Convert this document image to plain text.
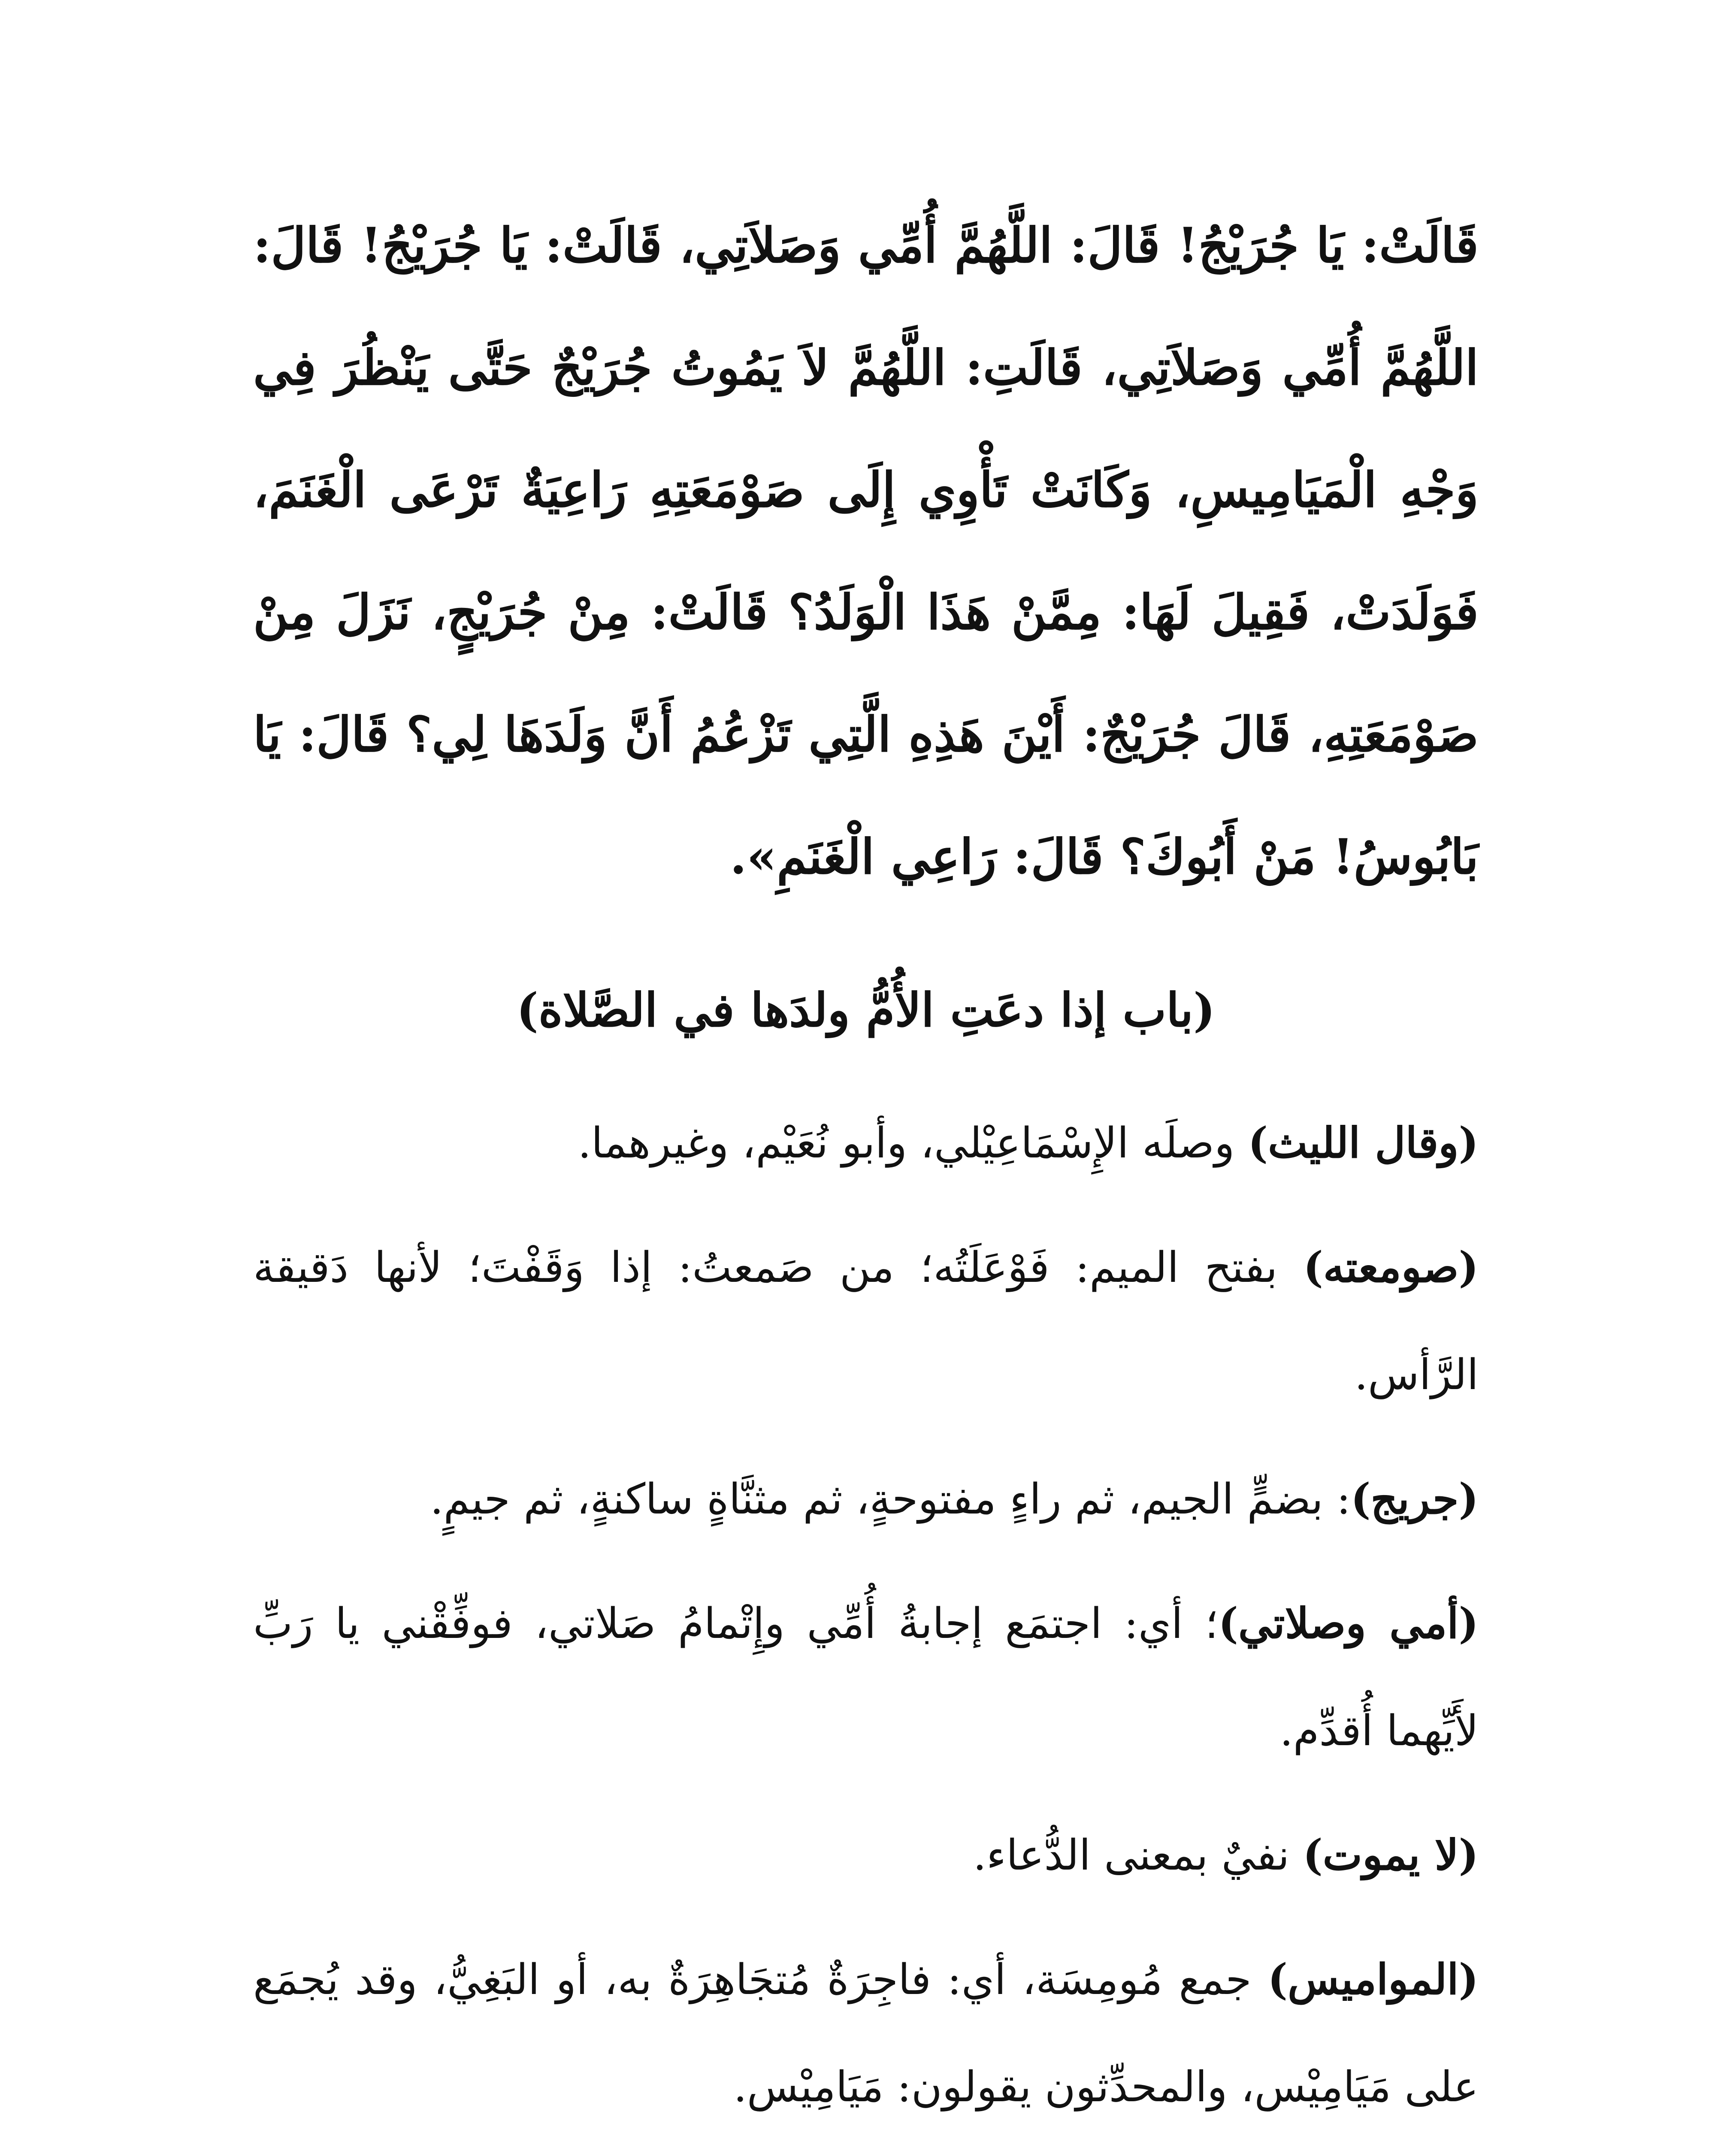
قَالَتْ: يَا جُرَيْجُ! قَالَ: اللَّهُمَّ أُمِّي وَصَلاَتِي، قَالَتْ: يَا جُرَيْجُ! قَالَ: اللَّهُمَّ أُمِّي وَصَلاَتِي، قَالَتِ: اللَّهُمَّ لاَ يَمُوتُ جُرَيْجٌ حَتَّى يَنْظُرَ فِي وَجْهِ الْمَيَامِيسِ، وَكَانَتْ تَأْوِي إِلَى صَوْمَعَتِهِ رَاعِيَةٌ تَرْعَى الْغَنَمَ، فَوَلَدَتْ، فَقِيلَ لَهَا: مِمَّنْ هَذَا الْوَلَدُ؟ قَالَتْ: مِنْ جُرَيْجٍ، نَزَلَ مِنْ صَوْمَعَتِهِ، قَالَ جُرَيْجٌ: أَيْنَ هَذِهِ الَّتِي تَزْعُمُ أَنَّ وَلَدَهَا لِي؟ قَالَ: يَا بَابُوسُ! مَنْ أَبُوكَ؟ قَالَ: رَاعِي الْغَنَمِ».

(باب إذا دعَتِ الأُمُّ ولدَها في الصَّلاة)

(وقال الليث) وصلَه الإِسْمَاعِيْلي، وأبو نُعَيْم، وغيرهما.

(صومعته) بفتح الميم: فَوْعَلَتُه؛ من صَمعتُ: إذا وَقَفْتَ؛ لأنها دَقيقة الرَّأس.

(جريج): بضمٍّ الجيم، ثم راءٍ مفتوحةٍ، ثم مثنَّاةٍ ساكنةٍ، ثم جيمٍ.

(أمي وصلاتي)؛ أي: اجتمَع إجابةُ أُمِّي وإِتْمامُ صَلاتي، فوفِّقْني يا رَبِّ لأَيِّهما أُقدِّم.

(لا يموت) نفيٌ بمعنى الدُّعاء.

(المواميس) جمع مُومِسَة، أي: فاجِرَةٌ مُتجَاهِرَةٌ به، أو البَغِيُّ، وقد يُجمَع على مَيَامِيْس، والمحدِّثون يقولون: مَيَامِيْس.
